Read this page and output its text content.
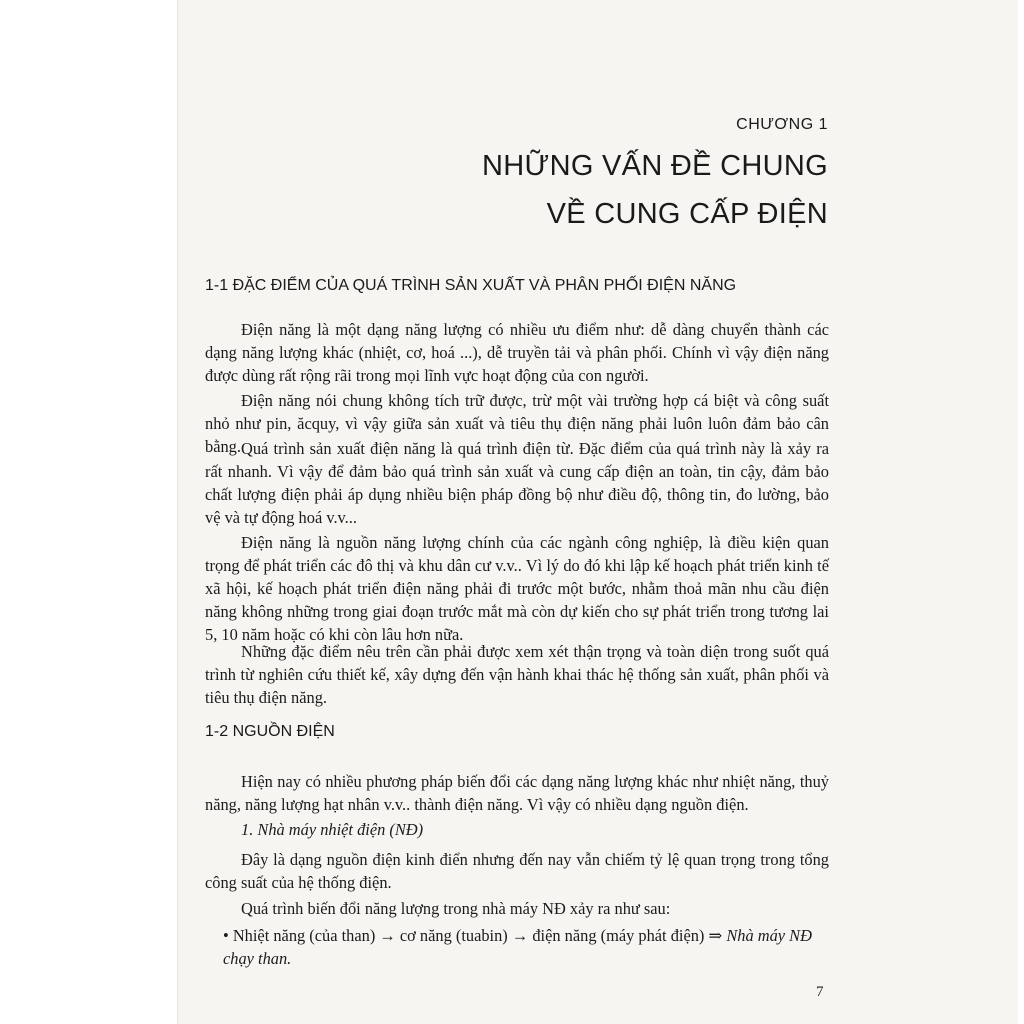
CHƯƠNG 1
NHỮNG VẤN ĐỀ CHUNG
VỀ CUNG CẤP ĐIỆN
1-1 ĐẶC ĐIỂM CỦA QUÁ TRÌNH SẢN XUẤT VÀ PHÂN PHỐI ĐIỆN NĂNG

Điện năng là một dạng năng lượng có nhiều ưu điểm như: dễ dàng chuyển thành các dạng năng lượng khác (nhiệt, cơ, hoá ...), dễ truyền tải và phân phối. Chính vì vậy điện năng được dùng rất rộng rãi trong mọi lĩnh vực hoạt động của con người.

Điện năng nói chung không tích trữ được, trừ một vài trường hợp cá biệt và công suất nhỏ như pin, ăcquy, vì vậy giữa sản xuất và tiêu thụ điện năng phải luôn luôn đảm bảo cân bằng. Quá trình sản xuất điện năng là quá trình điện từ. Đặc điểm của quá trình này là xảy ra rất nhanh. Vì vậy để đảm bảo quá trình sản xuất và cung cấp điện an toàn, tin cậy, đảm bảo chất lượng điện phải áp dụng nhiều biện pháp đồng bộ như điều độ, thông tin, đo lường, bảo vệ và tự động hoá v.v...

Điện năng là nguồn năng lượng chính của các ngành công nghiệp, là điều kiện quan trọng để phát triển các đô thị và khu dân cư v.v.. Vì lý do đó khi lập kế hoạch phát triển kinh tế xã hội, kế hoạch phát triển điện năng phải đi trước một bước, nhằm thoả mãn nhu cầu điện năng không những trong giai đoạn trước mắt mà còn dự kiến cho sự phát triển trong tương lai 5, 10 năm hoặc có khi còn lâu hơn nữa.

Những đặc điểm nêu trên cần phải được xem xét thận trọng và toàn diện trong suốt quá trình từ nghiên cứu thiết kế, xây dựng đến vận hành khai thác hệ thống sản xuất, phân phối và tiêu thụ điện năng.

1-2 NGUỒN ĐIỆN

Hiện nay có nhiều phương pháp biến đổi các dạng năng lượng khác như nhiệt năng, thuỷ năng, năng lượng hạt nhân v.v.. thành điện năng. Vì vậy có nhiều dạng nguồn điện.

1. Nhà máy nhiệt điện (NĐ)

Đây là dạng nguồn điện kinh điển nhưng đến nay vẫn chiếm tỷ lệ quan trọng trong tổng công suất của hệ thống điện.

Quá trình biến đổi năng lượng trong nhà máy NĐ xảy ra như sau:

• Nhiệt năng (của than) → cơ năng (tuabin) → điện năng (máy phát điện) ⇒ Nhà máy NĐ chạy than.

7
